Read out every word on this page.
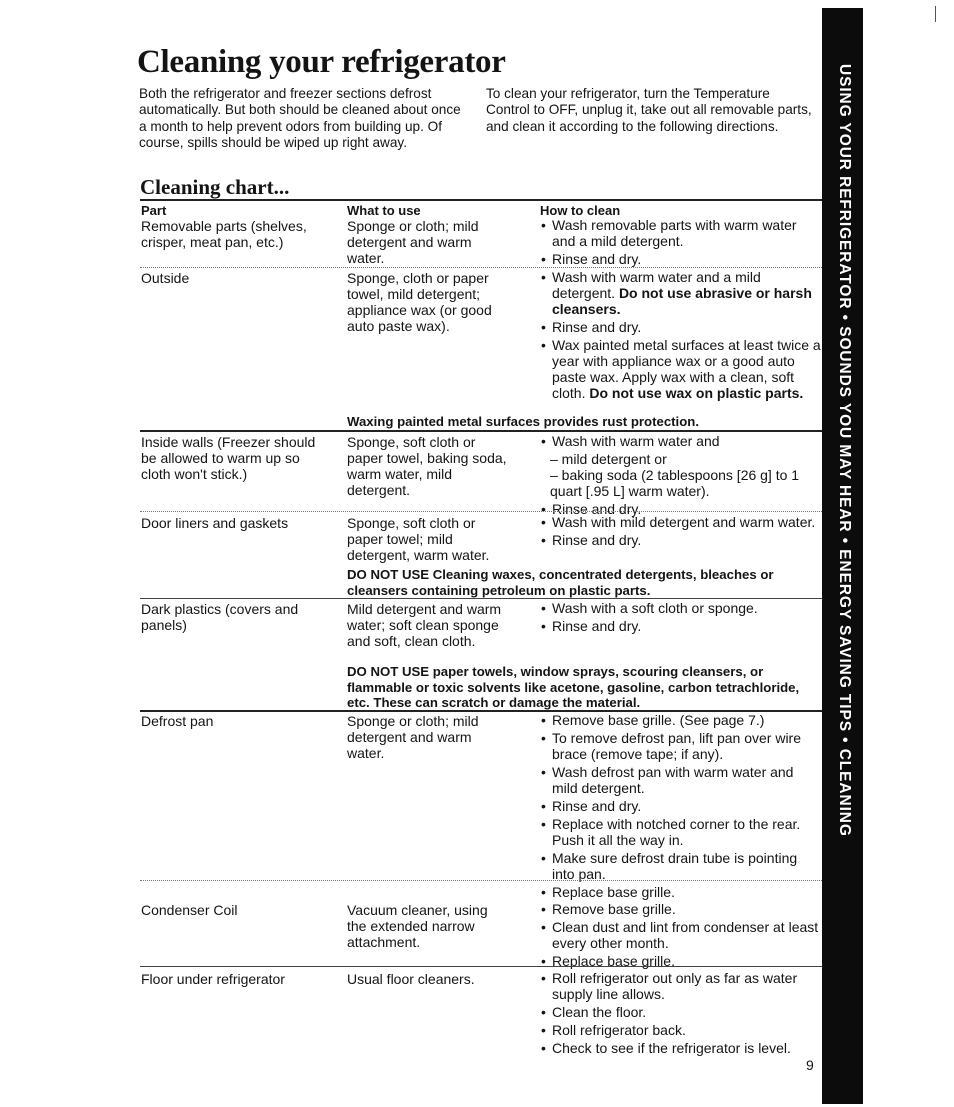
Cleaning your refrigerator

Both the refrigerator and freezer sections defrost automatically. But both should be cleaned about once a month to help prevent odors from building up. Of course, spills should be wiped up right away.

To clean your refrigerator, turn the Temperature Control to OFF, unplug it, take out all removable parts, and clean it according to the following directions.

Cleaning chart...

Part	What to use	How to clean

Removable parts (shelves, crisper, meat pan, etc.)

Sponge or cloth; mild detergent and warm water.

• Wash removable parts with warm water and a mild detergent.
• Rinse and dry.

Outside	Sponge, cloth or paper towel, mild detergent; appliance wax (or good auto paste wax).

• Wash with warm water and a mild detergent. Do not use abrasive or harsh cleansers.
• Rinse and dry.
• Wax painted metal surfaces at least twice a year with appliance wax or a good auto paste wax. Apply wax with a clean, soft cloth. Do not use wax on plastic parts.

Waxing painted metal surfaces provides rust protection.

Inside walls (Freezer should be allowed to warm up so cloth won't stick.)

Sponge, soft cloth or paper towel, baking soda, warm water, mild detergent.

• Wash with warm water and
– mild detergent or
– baking soda (2 tablespoons [26 g] to 1 quart [.95 L] warm water).
• Rinse and dry.

Door liners and gaskets	Sponge, soft cloth or paper towel; mild detergent, warm water.

• Wash with mild detergent and warm water.
• Rinse and dry.

DO NOT USE Cleaning waxes, concentrated detergents, bleaches or cleansers containing petroleum on plastic parts.

Dark plastics (covers and panels)

Mild detergent and warm water; soft clean sponge and soft, clean cloth.

• Wash with a soft cloth or sponge.
• Rinse and dry.

DO NOT USE paper towels, window sprays, scouring cleansers, or flammable or toxic solvents like acetone, gasoline, carbon tetrachloride, etc. These can scratch or damage the material.

Defrost pan	Sponge or cloth; mild detergent and warm water.

• Remove base grille. (See page 7.)
• To remove defrost pan, lift pan over wire brace (remove tape; if any).
• Wash defrost pan with warm water and mild detergent.
• Rinse and dry.
• Replace with notched corner to the rear. Push it all the way in.
• Make sure defrost drain tube is pointing into pan.
• Replace base grille.

Condenser Coil	Vacuum cleaner, using the extended narrow attachment.

• Remove base grille.
• Clean dust and lint from condenser at least every other month.
• Replace base grille.

Floor under refrigerator	Usual floor cleaners.

•	Roll refrigerator out only as far as water supply line allows.
• Clean the floor.
• Roll refrigerator back.
• Check to see if the refrigerator is level.

9

USING YOUR REFRIGERATOR • SOUNDS YOU MAY HEAR • ENERGY SAVING TIPS • CLEANING
